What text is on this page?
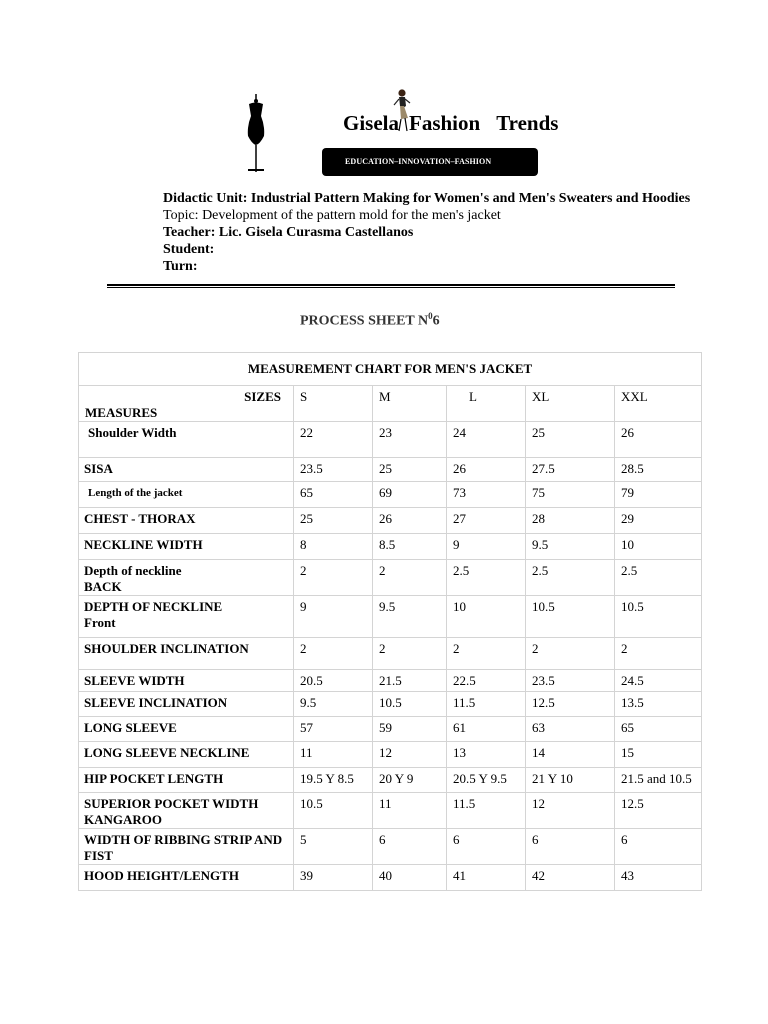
Gisela Fashion Trends
EDUCATION–INNOVATION–FASHION
Didactic Unit: Industrial Pattern Making for Women's and Men's Sweaters and Hoodies
Topic: Development of the pattern mold for the men's jacket
Teacher: Lic. Gisela Curasma Castellanos
Student:
Turn:
PROCESS SHEET $N^06$
MEASUREMENT CHART FOR MEN'S JACKET					

SIZES
MEASURES	S	M	L	XL	XXL

Shoulder Width	22	23	24	25	26

SISA	23.5	25	26	27.5	28.5

Length of the jacket	65	69	73	75	79

CHEST - THORAX	25	26	27	28	29

NECKLINE WIDTH	8	8.5	9	9.5	10

Depth of neckline
BACK	2	2	2.5	2.5	2.5

DEPTH OF NECKLINE
Front	9	9.5	10	10.5	10.5

SHOULDER INCLINATION	2	2	2	2	2

SLEEVE WIDTH	20.5	21.5	22.5	23.5	24.5

SLEEVE INCLINATION	9.5	10.5	11.5	12.5	13.5

LONG SLEEVE	57	59	61	63	65

LONG SLEEVE NECKLINE	11	12	13	14	15

HIP POCKET LENGTH	19.5 Y 8.5	20 Y 9	20.5 Y 9.5	21 Y 10	21.5 and 10.5

SUPERIOR POCKET WIDTH
KANGAROO	10.5	11	11.5	12	12.5

WIDTH OF RIBBING STRIP AND
FIST	5	6	6	6	6

HOOD HEIGHT/LENGTH	39	40	41	42	43
